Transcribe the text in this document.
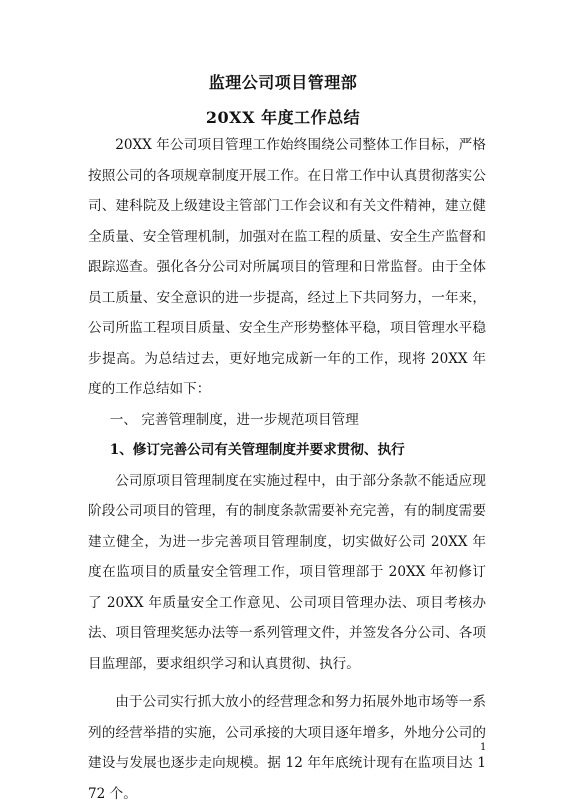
监理公司项目管理部
20XX 年度工作总结

20XX 年公司项目管理工作始终围绕公司整体工作目标，严格按照公司的各项规章制度开展工作。在日常工作中认真贯彻落实公司、建科院及上级建设主管部门工作会议和有关文件精神，建立健全质量、安全管理机制，加强对在监工程的质量、安全生产监督和跟踪巡查。强化各分公司对所属项目的管理和日常监督。由于全体员工质量、安全意识的进一步提高，经过上下共同努力，一年来，公司所监工程项目质量、安全生产形势整体平稳，项目管理水平稳步提高。为总结过去，更好地完成新一年的工作，现将 20XX 年度的工作总结如下：

一、 完善管理制度，进一步规范项目管理

1、修订完善公司有关管理制度并要求贯彻、执行

公司原项目管理制度在实施过程中，由于部分条款不能适应现阶段公司项目的管理，有的制度条款需要补充完善，有的制度需要建立健全，为进一步完善项目管理制度，切实做好公司 20XX 年度在监项目的质量安全管理工作，项目管理部于 20XX 年初修订了 20XX 年质量安全工作意见、公司项目管理办法、项目考核办法、项目管理奖惩办法等一系列管理文件，并签发各分公司、各项目监理部，要求组织学习和认真贯彻、执行。

由于公司实行抓大放小的经营理念和努力拓展外地市场等一系列的经营举措的实施，公司承接的大项目逐年增多，外地分公司的建设与发展也逐步走向规模。据 12 年年底统计现有在监项目达 172 个。

1
